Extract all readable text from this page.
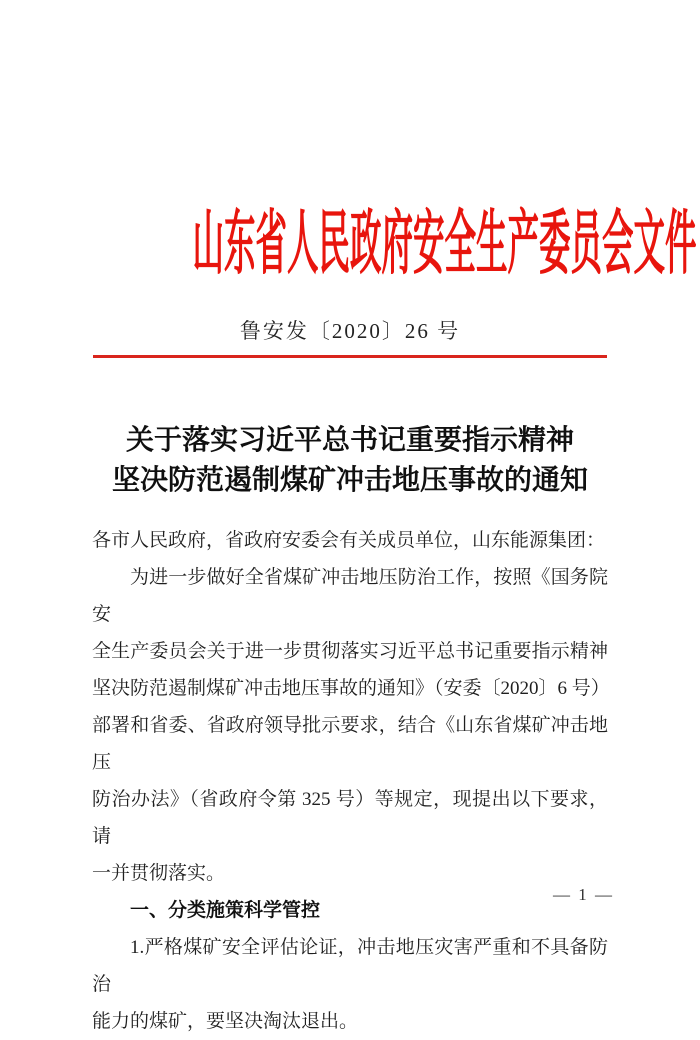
山东省人民政府安全生产委员会文件
鲁安发〔2020〕26 号
关于落实习近平总书记重要指示精神
坚决防范遏制煤矿冲击地压事故的通知
各市人民政府，省政府安委会有关成员单位，山东能源集团：
为进一步做好全省煤矿冲击地压防治工作，按照《国务院安
全生产委员会关于进一步贯彻落实习近平总书记重要指示精神
坚决防范遏制煤矿冲击地压事故的通知》（安委〔2020〕6 号）
部署和省委、省政府领导批示要求，结合《山东省煤矿冲击地压
防治办法》（省政府令第 325 号）等规定，现提出以下要求，请
一并贯彻落实。
一、分类施策科学管控
1.严格煤矿安全评估论证，冲击地压灾害严重和不具备防治
能力的煤矿，要坚决淘汰退出。
— 1 —
